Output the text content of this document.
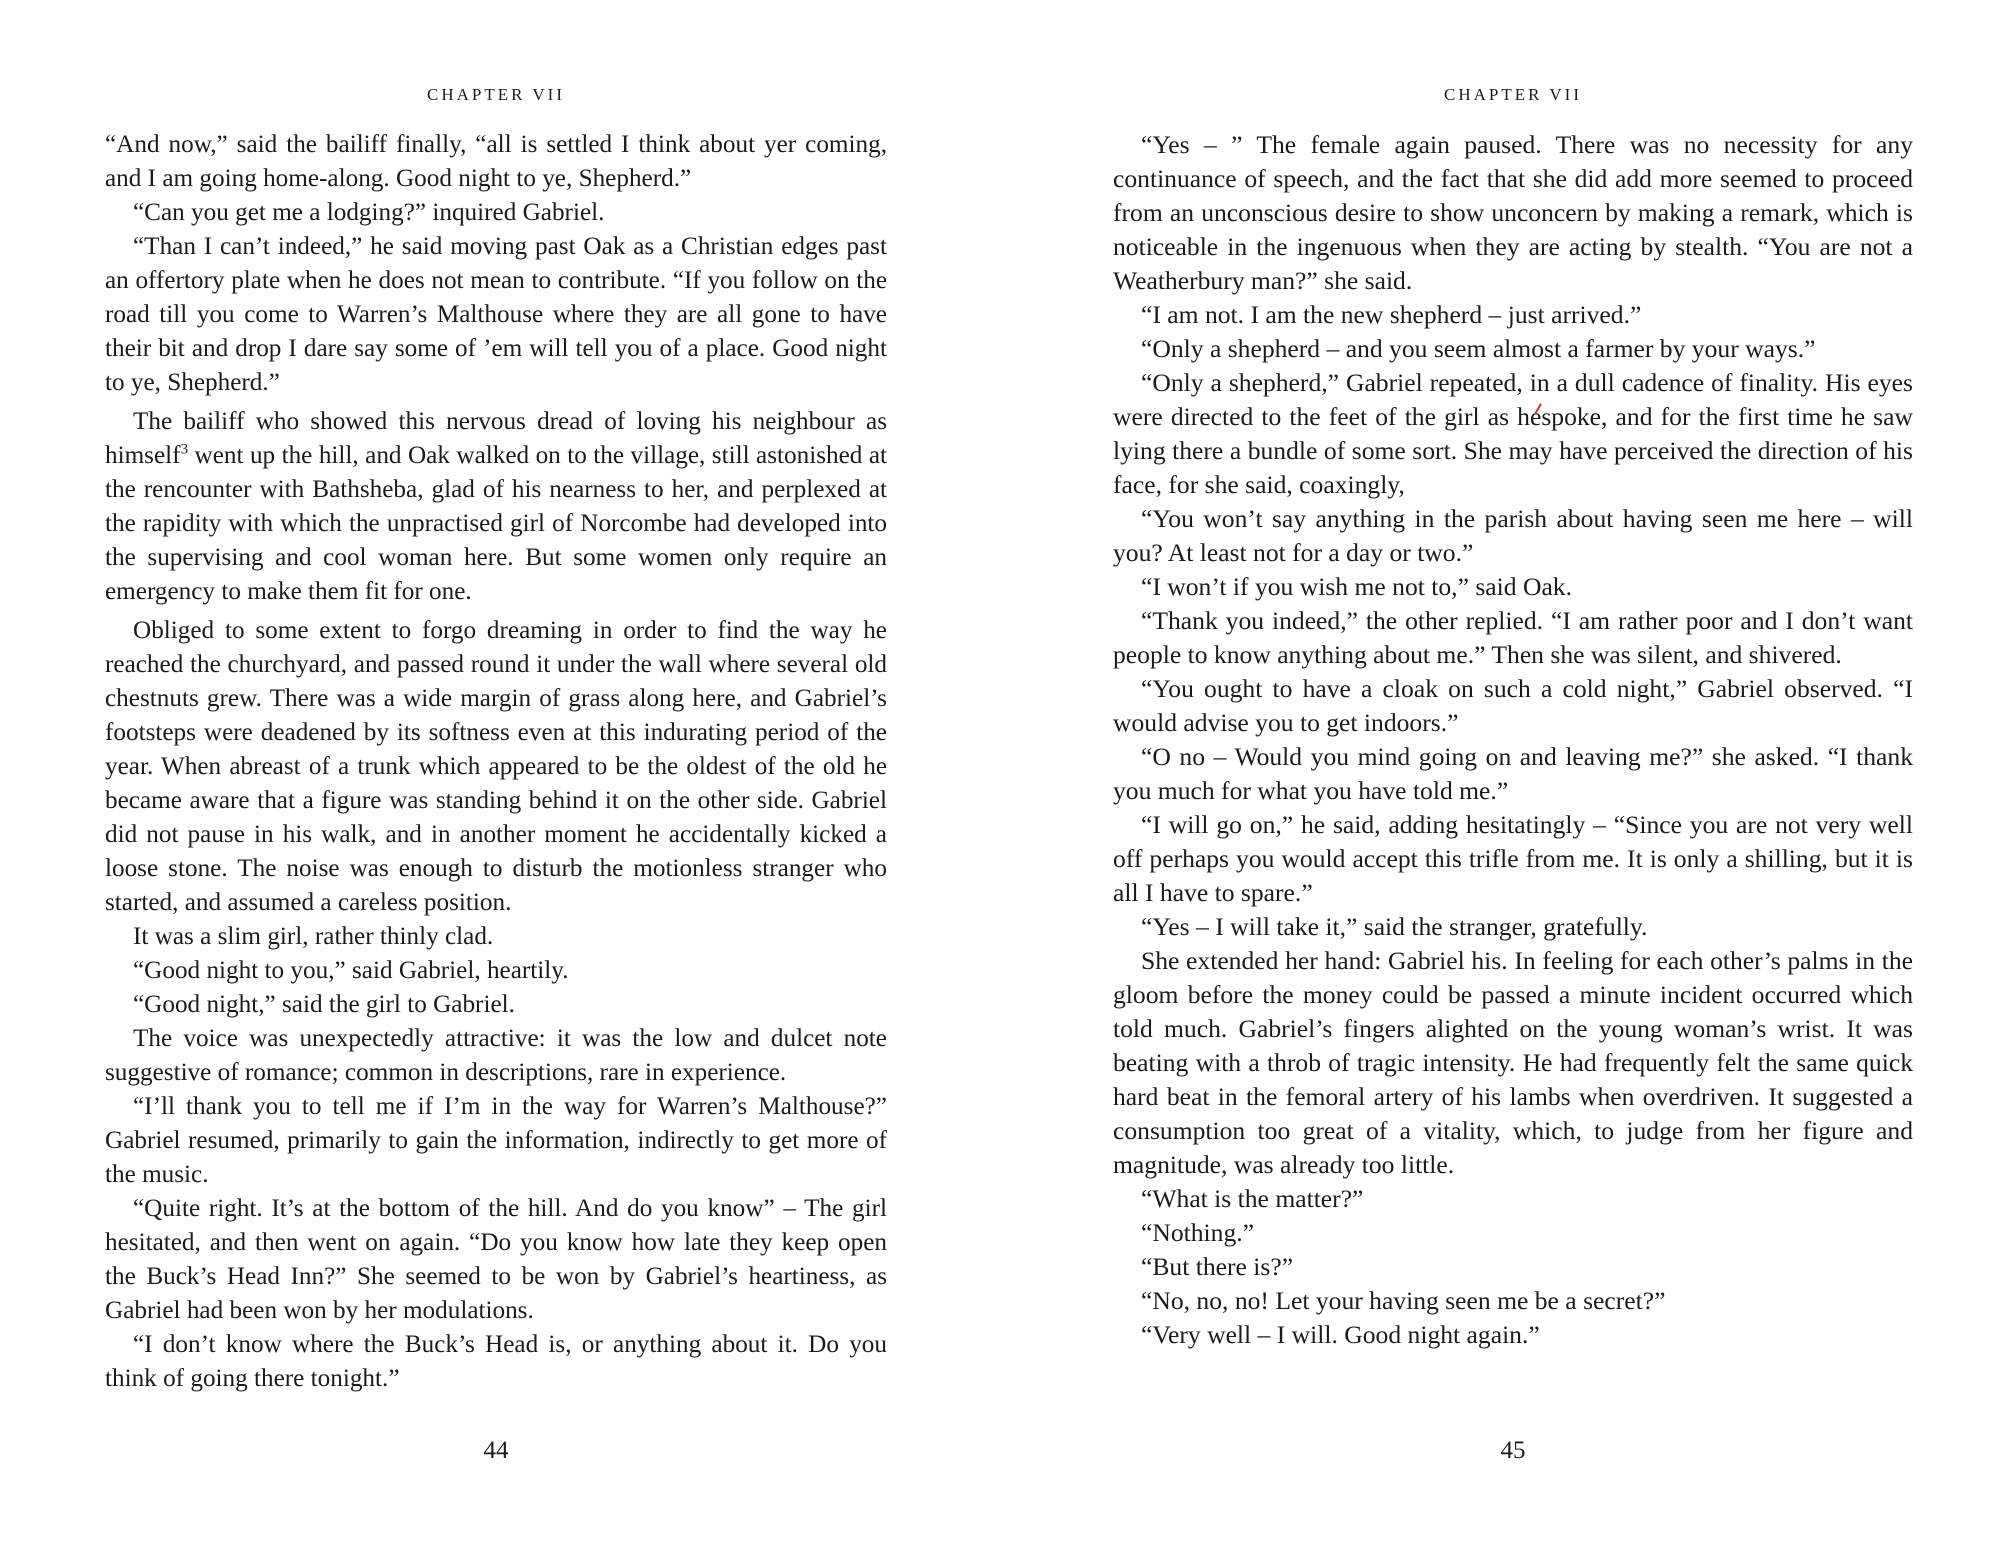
CHAPTER VII

“And now,” said the bailiff finally, “all is settled I think about yer coming, and I am going home-along. Good night to ye, Shepherd.”

“Can you get me a lodging?” inquired Gabriel.

“Than I can’t indeed,” he said moving past Oak as a Christian edges past an offertory plate when he does not mean to contribute. “If you follow on the road till you come to Warren’s Malthouse where they are all gone to have their bit and drop I dare say some of ’em will tell you of a place. Good night to ye, Shepherd.”

The bailiff who showed this nervous dread of loving his neighbour as himself$^3$ went up the hill, and Oak walked on to the village, still astonished at the rencounter with Bathsheba, glad of his nearness to her, and perplexed at the rapidity with which the unpractised girl of Norcombe had developed into the supervising and cool woman here. But some women only require an emergency to make them fit for one.

Obliged to some extent to forgo dreaming in order to find the way he reached the churchyard, and passed round it under the wall where several old chestnuts grew. There was a wide margin of grass along here, and Gabriel’s footsteps were deadened by its softness even at this indurating period of the year. When abreast of a trunk which appeared to be the oldest of the old he became aware that a figure was standing behind it on the other side. Gabriel did not pause in his walk, and in another moment he accidentally kicked a loose stone. The noise was enough to disturb the motionless stranger who started, and assumed a careless position.

It was a slim girl, rather thinly clad.

“Good night to you,” said Gabriel, heartily.

“Good night,” said the girl to Gabriel.

The voice was unexpectedly attractive: it was the low and dulcet note suggestive of romance; common in descriptions, rare in experience.

“I’ll thank you to tell me if I’m in the way for Warren’s Malthouse?” Gabriel resumed, primarily to gain the information, indirectly to get more of the music.

“Quite right. It’s at the bottom of the hill. And do you know” – The girl hesitated, and then went on again. “Do you know how late they keep open the Buck’s Head Inn?” She seemed to be won by Gabriel’s heartiness, as Gabriel had been won by her modulations.

“I don’t know where the Buck’s Head is, or anything about it. Do you think of going there tonight.”

44
CHAPTER VII

“Yes – ” The female again paused. There was no necessity for any continuance of speech, and the fact that she did add more seemed to proceed from an unconscious desire to show unconcern by making a remark, which is noticeable in the ingenuous when they are acting by stealth. “You are not a Weatherbury man?” she said.

“I am not. I am the new shepherd – just arrived.”

“Only a shepherd – and you seem almost a farmer by your ways.”

“Only a shepherd,” Gabriel repeated, in a dull cadence of finality. His eyes were directed to the feet of the girl as hespoke, and for the first time he saw lying there a bundle of some sort. She may have perceived the direction of his face, for she said, coaxingly,

“You won’t say anything in the parish about having seen me here – will you? At least not for a day or two.”

“I won’t if you wish me not to,” said Oak.

“Thank you indeed,” the other replied. “I am rather poor and I don’t want people to know anything about me.” Then she was silent, and shivered.

“You ought to have a cloak on such a cold night,” Gabriel observed. “I would advise you to get indoors.”

“O no – Would you mind going on and leaving me?” she asked. “I thank you much for what you have told me.”

“I will go on,” he said, adding hesitatingly – “Since you are not very well off perhaps you would accept this trifle from me. It is only a shilling, but it is all I have to spare.”

“Yes – I will take it,” said the stranger, gratefully.

She extended her hand: Gabriel his. In feeling for each other’s palms in the gloom before the money could be passed a minute incident occurred which told much. Gabriel’s fingers alighted on the young woman’s wrist. It was beating with a throb of tragic intensity. He had frequently felt the same quick hard beat in the femoral artery of his lambs when overdriven. It suggested a consumption too great of a vitality, which, to judge from her figure and magnitude, was already too little.

“What is the matter?”

“Nothing.”

“But there is?”

“No, no, no! Let your having seen me be a secret?”

“Very well – I will. Good night again.”

45
